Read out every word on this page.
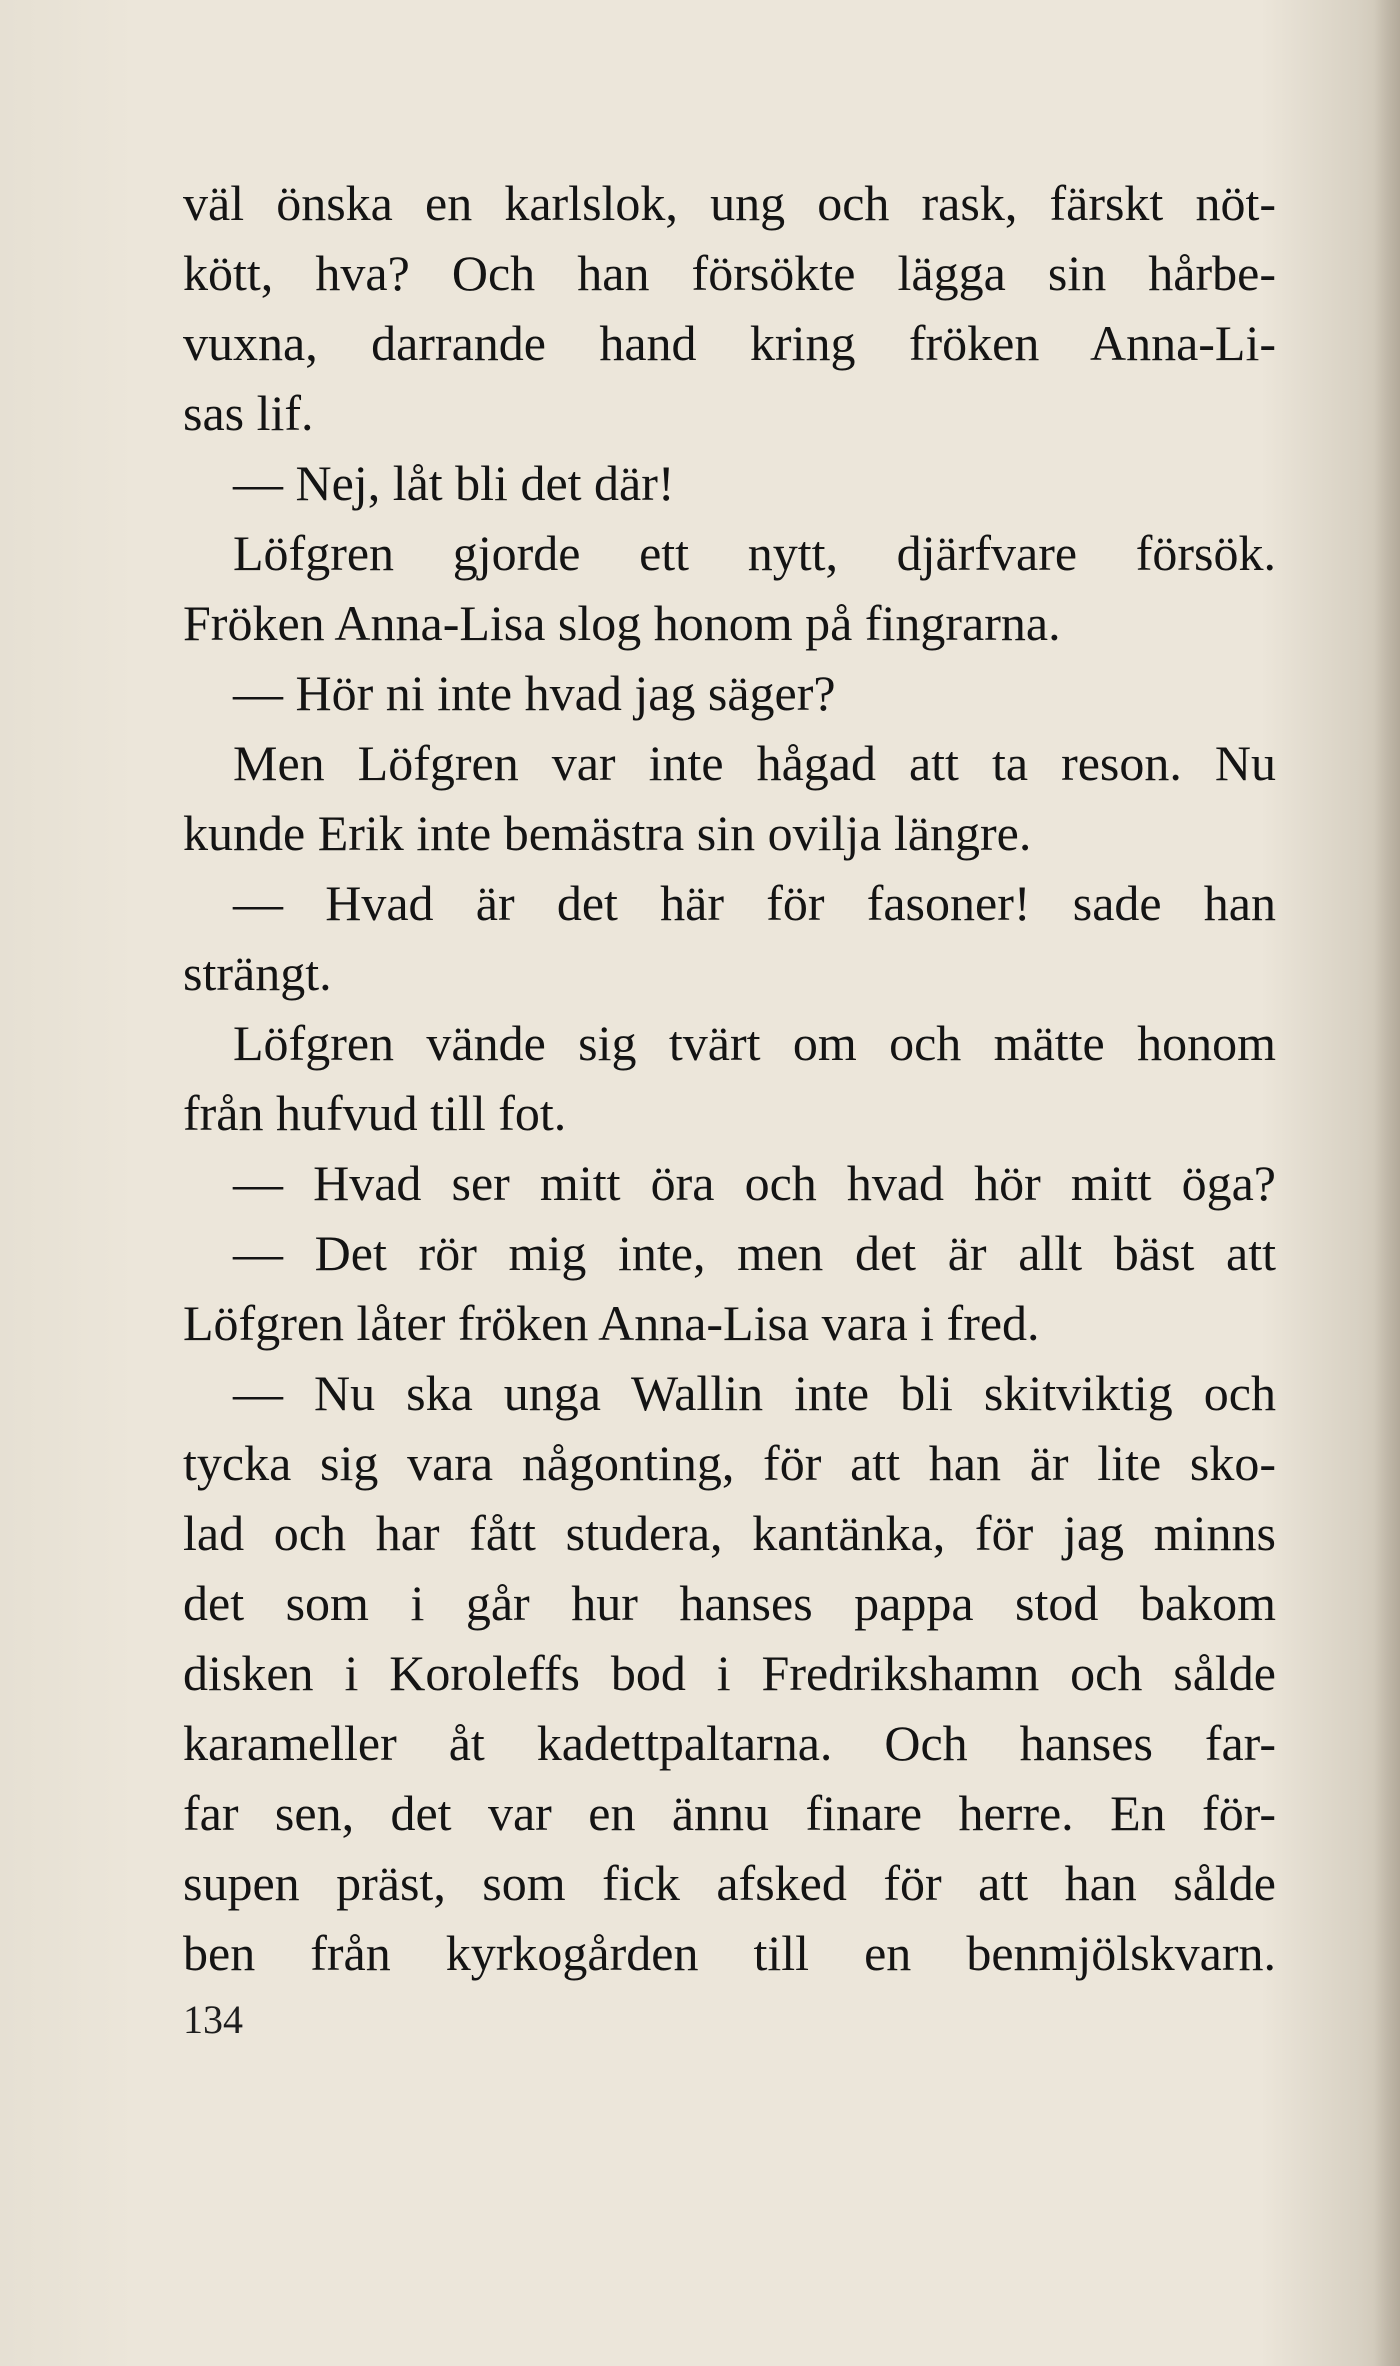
väl önska en karlslok, ung och rask, färskt nöt-
kött, hva? Och han försökte lägga sin hårbe-
vuxna, darrande hand kring fröken Anna-Li-
sas lif.
— Nej, låt bli det där!
Löfgren gjorde ett nytt, djärfvare försök.
Fröken Anna-Lisa slog honom på fingrarna.
— Hör ni inte hvad jag säger?
Men Löfgren var inte hågad att ta reson. Nu
kunde Erik inte bemästra sin ovilja längre.
— Hvad är det här för fasoner! sade han
strängt.
Löfgren vände sig tvärt om och mätte honom
från hufvud till fot.
— Hvad ser mitt öra och hvad hör mitt öga?
— Det rör mig inte, men det är allt bäst att
Löfgren låter fröken Anna-Lisa vara i fred.
— Nu ska unga Wallin inte bli skitviktig och
tycka sig vara någonting, för att han är lite sko-
lad och har fått studera, kantänka, för jag minns
det som i går hur hanses pappa stod bakom
disken i Koroleffs bod i Fredrikshamn och sålde
karameller åt kadettpaltarna. Och hanses far-
far sen, det var en ännu finare herre. En för-
supen präst, som fick afsked för att han sålde
ben från kyrkogården till en benmjölskvarn.
134
